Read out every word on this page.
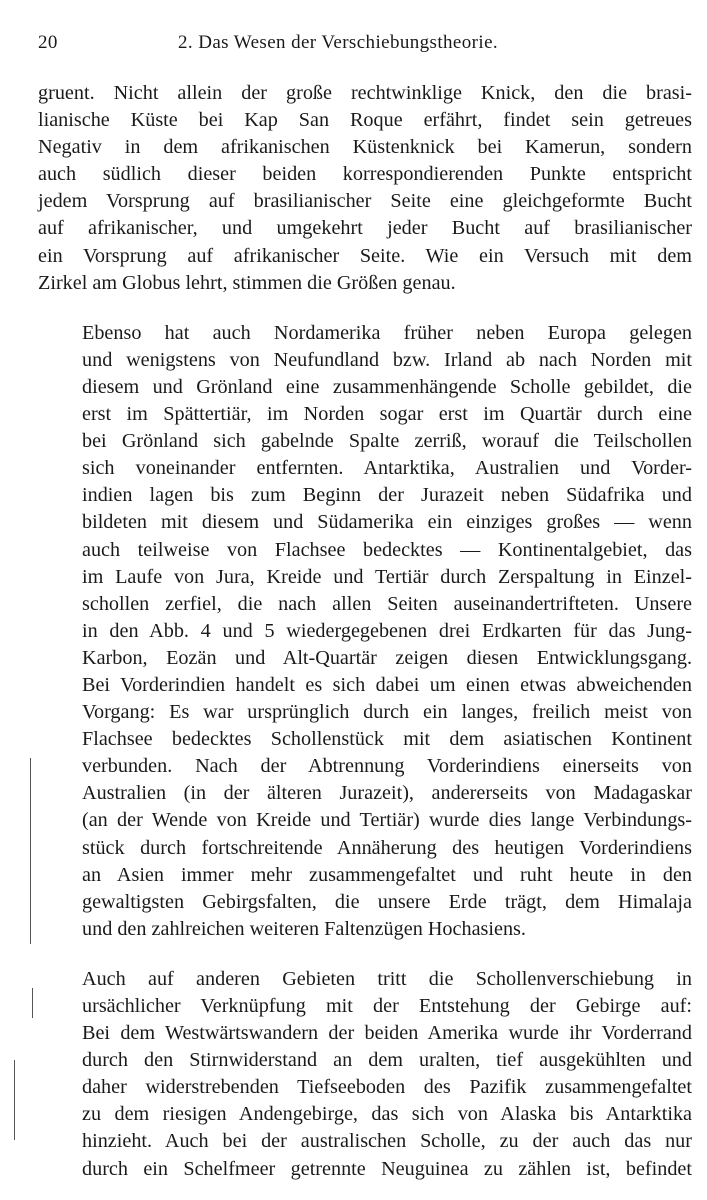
20	2. Das Wesen der Verschiebungstheorie.

gruent. Nicht allein der große rechtwinklige Knick, den die brasi-
lianische Küste bei Kap San Roque erfährt, findet sein getreues
Negativ in dem afrikanischen Küstenknick bei Kamerun, sondern
auch südlich dieser beiden korrespondierenden Punkte entspricht
jedem Vorsprung auf brasilianischer Seite eine gleichgeformte Bucht
auf afrikanischer, und umgekehrt jeder Bucht auf brasilianischer
ein Vorsprung auf afrikanischer Seite. Wie ein Versuch mit dem
Zirkel am Globus lehrt, stimmen die Größen genau.

Ebenso hat auch Nordamerika früher neben Europa gelegen
und wenigstens von Neufundland bzw. Irland ab nach Norden mit
diesem und Grönland eine zusammenhängende Scholle gebildet, die
erst im Spättertiär, im Norden sogar erst im Quartär durch eine
bei Grönland sich gabelnde Spalte zerriß, worauf die Teilschollen
sich voneinander entfernten. Antarktika, Australien und Vorder-
indien lagen bis zum Beginn der Jurazeit neben Südafrika und
bildeten mit diesem und Südamerika ein einziges großes — wenn
auch teilweise von Flachsee bedecktes — Kontinentalgebiet, das
im Laufe von Jura, Kreide und Tertiär durch Zerspaltung in Einzel-
schollen zerfiel, die nach allen Seiten auseinandertrifteten. Unsere
in den Abb. 4 und 5 wiedergegebenen drei Erdkarten für das Jung-
Karbon, Eozän und Alt-Quartär zeigen diesen Entwicklungsgang.
Bei Vorderindien handelt es sich dabei um einen etwas abweichenden
Vorgang: Es war ursprünglich durch ein langes, freilich meist von
Flachsee bedecktes Schollenstück mit dem asiatischen Kontinent
verbunden. Nach der Abtrennung Vorderindiens einerseits von
Australien (in der älteren Jurazeit), andererseits von Madagaskar
(an der Wende von Kreide und Tertiär) wurde dies lange Verbindungs-
stück durch fortschreitende Annäherung des heutigen Vorderindiens
an Asien immer mehr zusammengefaltet und ruht heute in den
gewaltigsten Gebirgsfalten, die unsere Erde trägt, dem Himalaja
und den zahlreichen weiteren Faltenzügen Hochasiens.

Auch auf anderen Gebieten tritt die Schollenverschiebung in
ursächlicher Verknüpfung mit der Entstehung der Gebirge auf:
Bei dem Westwärtswandern der beiden Amerika wurde ihr Vorderrand
durch den Stirnwiderstand an dem uralten, tief ausgekühlten und
daher widerstrebenden Tiefseeboden des Pazifik zusammengefaltet
zu dem riesigen Andengebirge, das sich von Alaska bis Antarktika
hinzieht. Auch bei der australischen Scholle, zu der auch das nur
durch ein Schelfmeer getrennte Neuguinea zu zählen ist, befindet
